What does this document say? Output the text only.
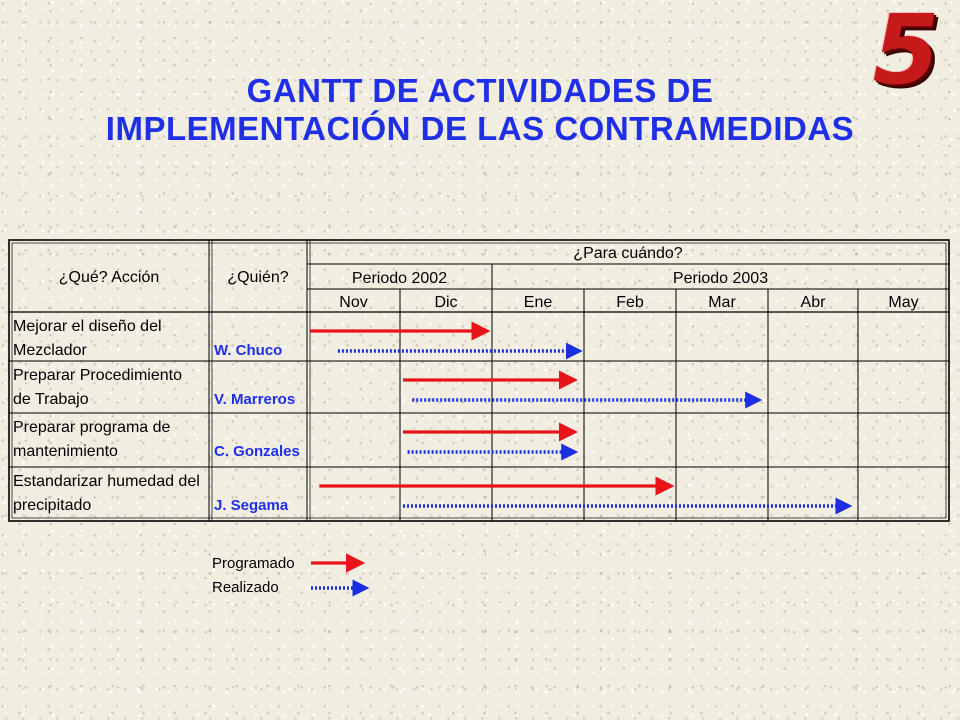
5
GANTT DE ACTIVIDADES DE
IMPLEMENTACIÓN DE LAS CONTRAMEDIDAS
¿Qué? Acción	¿Quién?
¿Para cuándo?
Periodo 2002	Periodo 2003
Nov	Dic	Ene	Feb	Mar	Abr	May
Mejorar el diseño del
Mezclador	W. Chuco
Preparar Procedimiento
de Trabajo	V. Marreros
Preparar programa de
mantenimiento	C. Gonzales
Estandarizar humedad del
precipitado	J. Segama
Programado
Realizado
